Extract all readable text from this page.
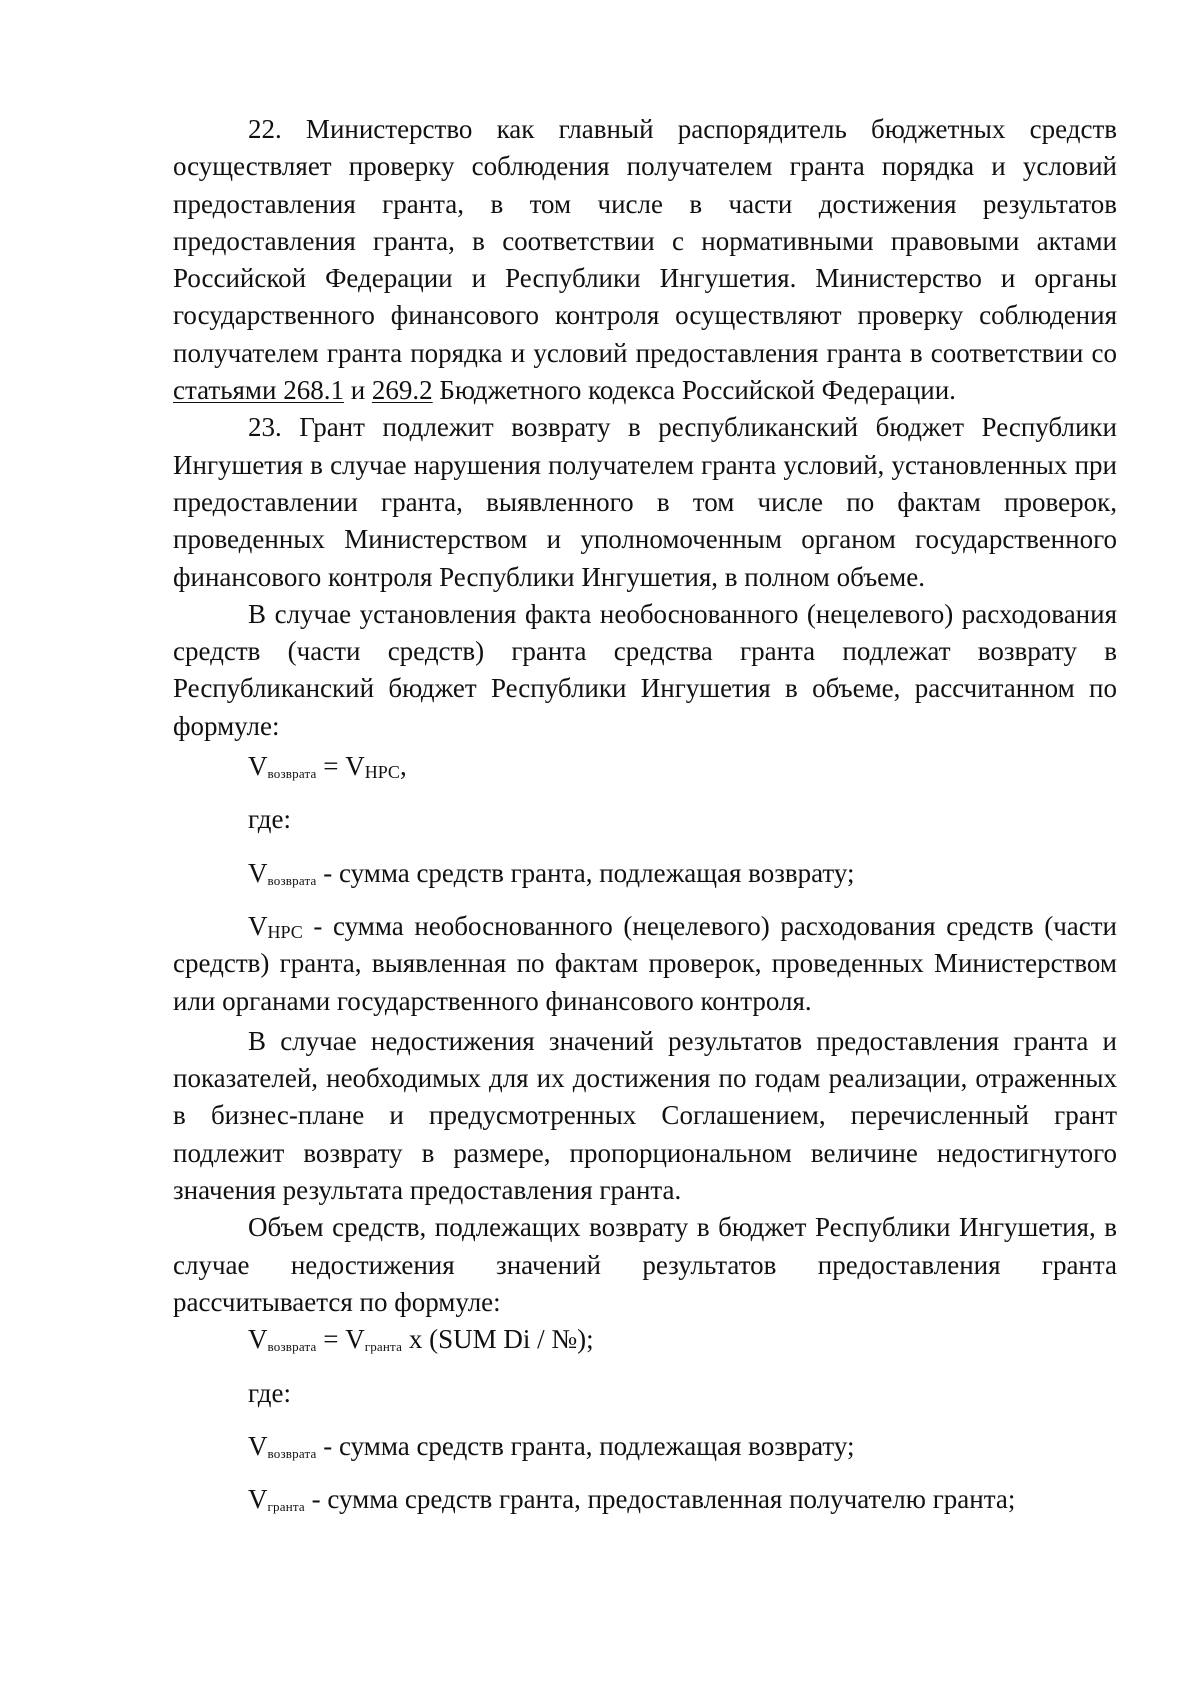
22. Министерство как главный распорядитель бюджетных средств осуществляет проверку соблюдения получателем гранта порядка и условий предоставления гранта, в том числе в части достижения результатов предоставления гранта, в соответствии с нормативными правовыми актами Российской Федерации и Республики Ингушетия. Министерство и органы государственного финансового контроля осуществляют проверку соблюдения получателем гранта порядка и условий предоставления гранта в соответствии со статьями 268.1 и 269.2 Бюджетного кодекса Российской Федерации.

23. Грант подлежит возврату в республиканский бюджет Республики Ингушетия в случае нарушения получателем гранта условий, установленных при предоставлении гранта, выявленного в том числе по фактам проверок, проведенных Министерством и уполномоченным органом государственного финансового контроля Республики Ингушетия, в полном объеме.

В случае установления факта необоснованного (нецелевого) расходования средств (части средств) гранта средства гранта подлежат возврату в Республиканский бюджет Республики Ингушетия в объеме, рассчитанном по формуле:

$V_{возврата} = V_{НРС}$,

где:

$V_{возврата}$ - сумма средств гранта, подлежащая возврату;

$V_{НРС}$ - сумма необоснованного (нецелевого) расходования средств (части средств) гранта, выявленная по фактам проверок, проведенных Министерством или органами государственного финансового контроля.

В случае недостижения значений результатов предоставления гранта и показателей, необходимых для их достижения по годам реализации, отраженных в бизнес-плане и предусмотренных Соглашением, перечисленный грант подлежит возврату в размере, пропорциональном величине недостигнутого значения результата предоставления гранта.

Объем средств, подлежащих возврату в бюджет Республики Ингушетия, в случае недостижения значений результатов предоставления гранта рассчитывается по формуле:

$V_{возврата} = V_{гранта}$ x (SUM Di / №);

где:

$V_{возврата}$ - сумма средств гранта, подлежащая возврату;

$V_{гранта}$ - сумма средств гранта, предоставленная получателю гранта;
